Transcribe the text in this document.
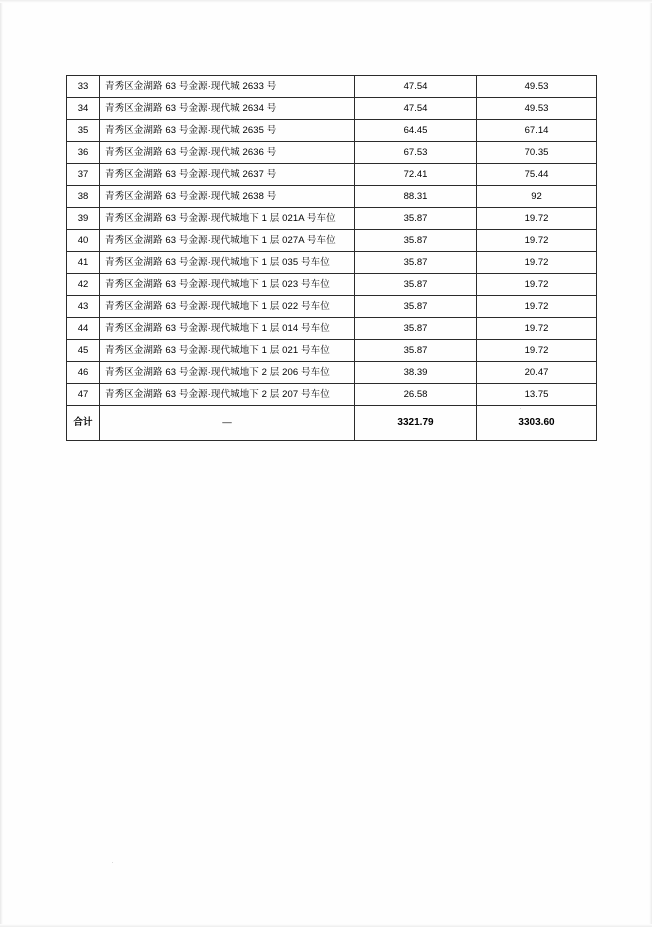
33	青秀区金湖路 63 号金源·现代城 2633 号	47.54	49.53
34	青秀区金湖路 63 号金源·现代城 2634 号	47.54	49.53
35	青秀区金湖路 63 号金源·现代城 2635 号	64.45	67.14
36	青秀区金湖路 63 号金源·现代城 2636 号	67.53	70.35
37	青秀区金湖路 63 号金源·现代城 2637 号	72.41	75.44
38	青秀区金湖路 63 号金源·现代城 2638 号	88.31	92
39	青秀区金湖路 63 号金源·现代城地下 1 层 021A 号车位	35.87	19.72
40	青秀区金湖路 63 号金源·现代城地下 1 层 027A 号车位	35.87	19.72
41	青秀区金湖路 63 号金源·现代城地下 1 层 035 号车位	35.87	19.72
42	青秀区金湖路 63 号金源·现代城地下 1 层 023 号车位	35.87	19.72
43	青秀区金湖路 63 号金源·现代城地下 1 层 022 号车位	35.87	19.72
44	青秀区金湖路 63 号金源·现代城地下 1 层 014 号车位	35.87	19.72
45	青秀区金湖路 63 号金源·现代城地下 1 层 021 号车位	35.87	19.72
46	青秀区金湖路 63 号金源·现代城地下 2 层 206 号车位	38.39	20.47
47	青秀区金湖路 63 号金源·现代城地下 2 层 207 号车位	26.58	13.75
合计	—	3321.79	3303.60
